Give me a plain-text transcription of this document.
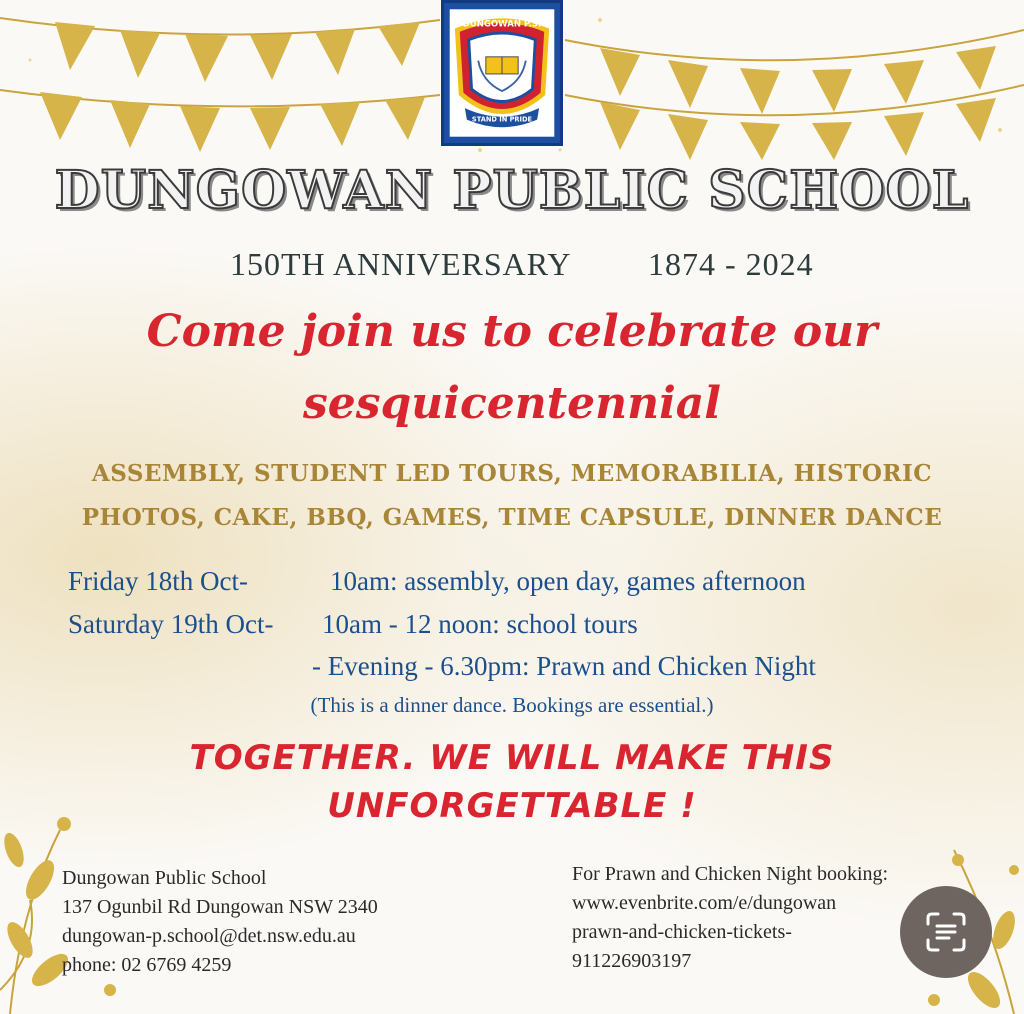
DUNGOWAN P.S.
STAND IN PRIDE
DUNGOWAN PUBLIC SCHOOL
150TH ANNIVERSARY 1874 - 2024
Come join us to celebrate our
sesquicentennial
ASSEMBLY, STUDENT LED TOURS, MEMORABILIA, HISTORIC
PHOTOS, CAKE, BBQ, GAMES, TIME CAPSULE, DINNER DANCE
Friday 18th Oct-	10am: assembly, open day, games afternoon
Saturday 19th Oct- 10am - 12 noon: school tours
- Evening - 6.30pm: Prawn and Chicken Night
(This is a dinner dance. Bookings are essential.)
TOGETHER. WE WILL MAKE THIS
UNFORGETTABLE !
Dungowan Public School
137 Ogunbil Rd Dungowan NSW 2340
dungowan-p.school@det.nsw.edu.au
phone: 02 6769 4259
For Prawn and Chicken Night booking:
www.evenbrite.com/e/dungowan
prawn-and-chicken-tickets-
911226903197
